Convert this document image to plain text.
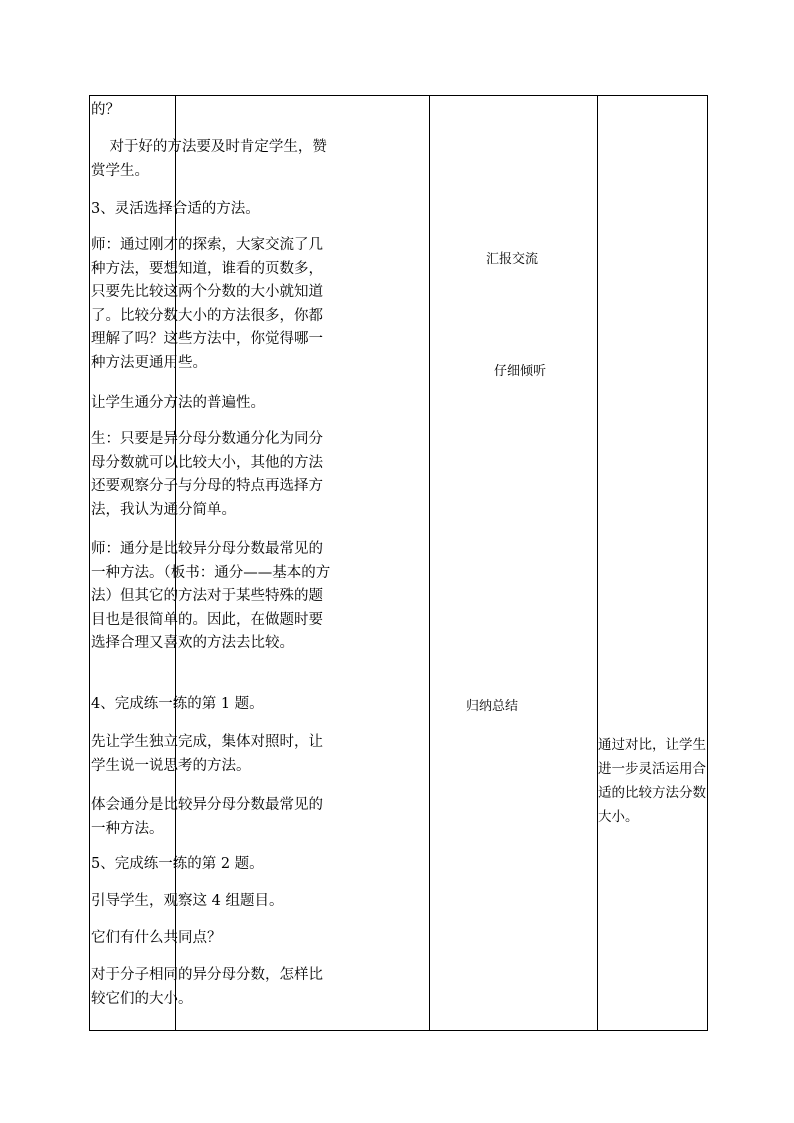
的？

对于好的方法要及时肯定学生，赞赏学生。

3、灵活选择合适的方法。

师：通过刚才的探索，大家交流了几种方法，要想知道，谁看的页数多，只要先比较这两个分数的大小就知道了。比较分数大小的方法很多，你都理解了吗？这些方法中，你觉得哪一种方法更通用些。

让学生通分方法的普遍性。

生：只要是异分母分数通分化为同分母分数就可以比较大小，其他的方法还要观察分子与分母的特点再选择方法，我认为通分简单。

师：通分是比较异分母分数最常见的一种方法。（板书：通分——基本的方法）但其它的方法对于某些特殊的题目也是很简单的。因此，在做题时要选择合理又喜欢的方法去比较。

4、完成练一练的第 1 题。

先让学生独立完成，集体对照时，让学生说一说思考的方法。

体会通分是比较异分母分数最常见的一种方法。

5、完成练一练的第 2 题。

引导学生，观察这 4 组题目。

它们有什么共同点？

对于分子相同的异分母分数，怎样比较它们的大小。

汇报交流
仔细倾听
归纳总结

通过对比，让学生进一步灵活运用合适的比较方法分数大小。
